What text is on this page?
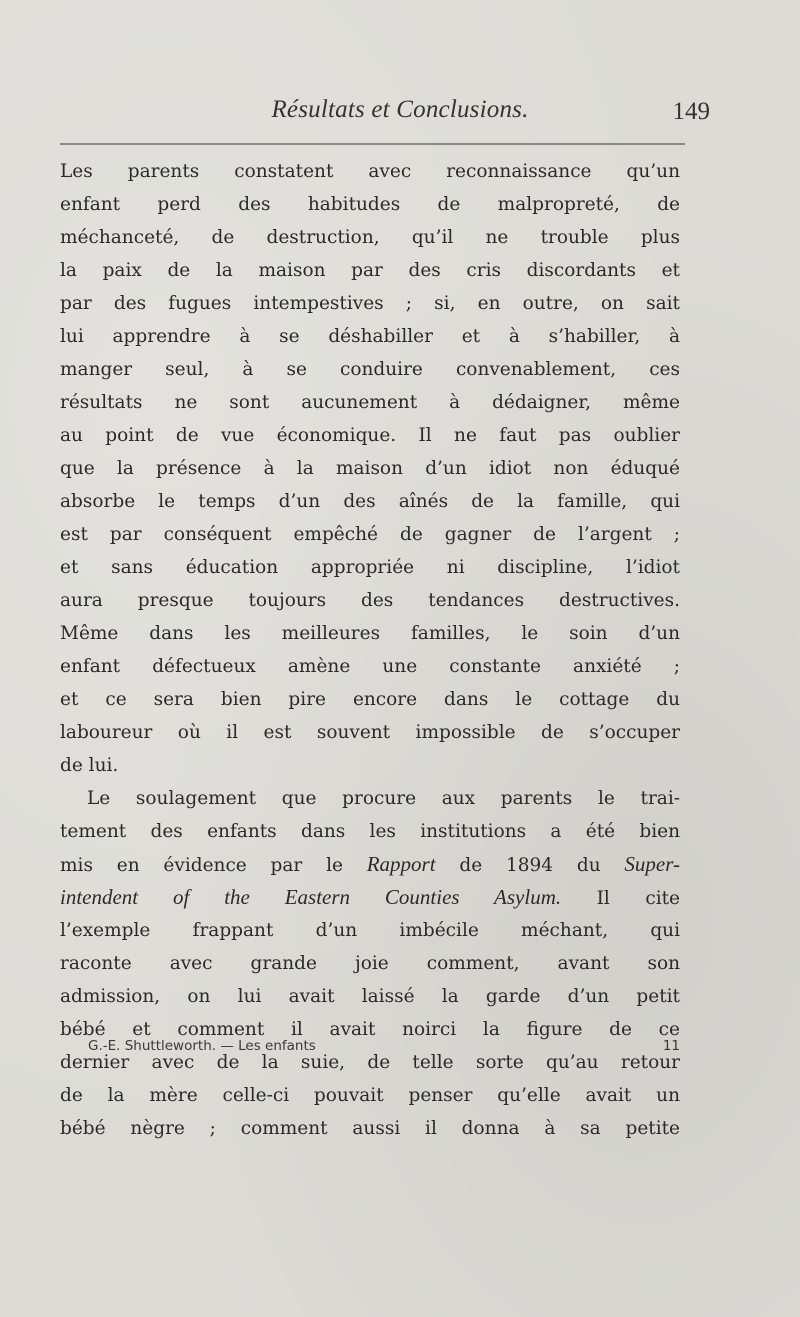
Résultats et Conclusions.	149
Les parents constatent avec reconnaissance qu’un
enfant perd des habitudes de malpropreté, de
méchanceté, de destruction, qu’il ne trouble plus
la paix de la maison par des cris discordants et
par des fugues intempestives ; si, en outre, on sait
lui apprendre à se déshabiller et à s’habiller, à
manger seul, à se conduire convenablement, ces
résultats ne sont aucunement à dédaigner, même
au point de vue économique. Il ne faut pas oublier
que la présence à la maison d’un idiot non éduqué
absorbe le temps d’un des aînés de la famille, qui
est par conséquent empêché de gagner de l’argent ;
et sans éducation appropriée ni discipline, l’idiot
aura presque toujours des tendances destructives.
Même dans les meilleures familles, le soin d’un
enfant défectueux amène une constante anxiété ;
et ce sera bien pire encore dans le cottage du
laboureur où il est souvent impossible de s’occuper
de lui.
Le soulagement que procure aux parents le trai-
tement des enfants dans les institutions a été bien
mis en évidence par le Rapport de 1894 du Super-
intendent of the Eastern Counties Asylum. Il cite
l’exemple frappant d’un imbécile méchant, qui
raconte avec grande joie comment, avant son
admission, on lui avait laissé la garde d’un petit
bébé et comment il avait noirci la figure de ce
dernier avec de la suie, de telle sorte qu’au retour
de la mère celle-ci pouvait penser qu’elle avait un
bébé nègre ; comment aussi il donna à sa petite
G.-E. Shuttleworth. — Les enfants	11
